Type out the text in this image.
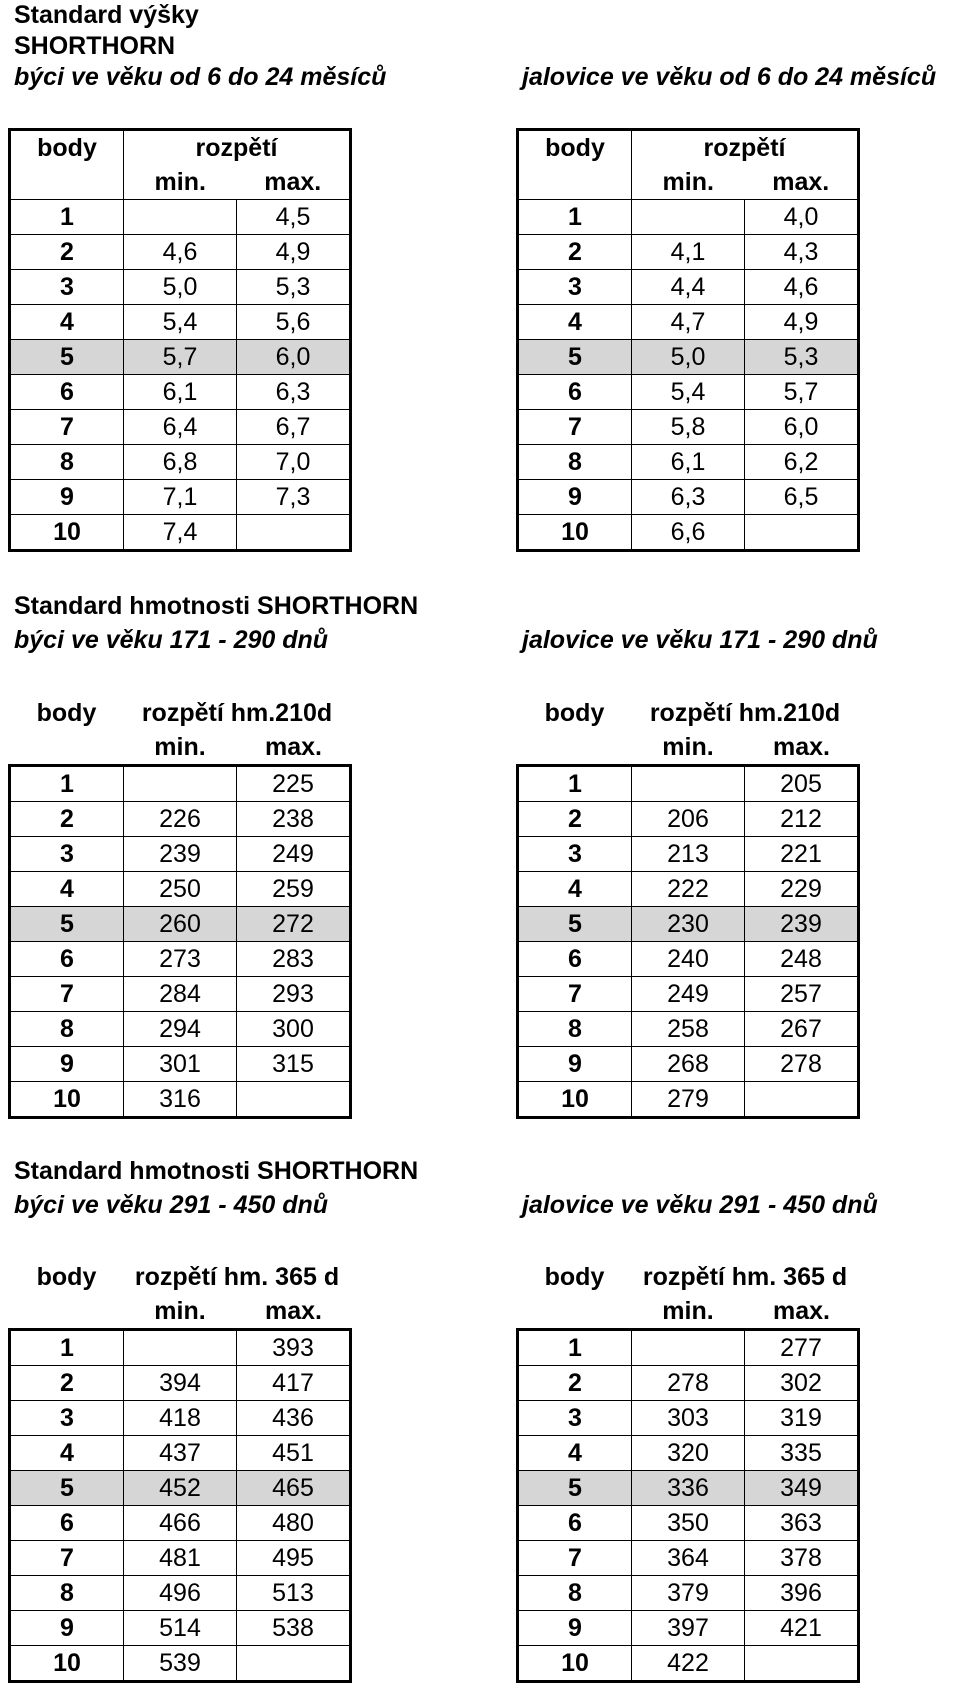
Standard výšky
SHORTHORN
býci ve věku od 6 do 24 měsíců	jalovice ve věku od 6 do 24 měsíců
body	rozpětí	
	min.	max.
1		4,5
2	4,6	4,9
3	5,0	5,3
4	5,4	5,6
5	5,7	6,0
6	6,1	6,3
7	6,4	6,7
8	6,8	7,0
9	7,1	7,3
10	7,4	
body	rozpětí	
	min.	max.
1		4,0
2	4,1	4,3
3	4,4	4,6
4	4,7	4,9
5	5,0	5,3
6	5,4	5,7
7	5,8	6,0
8	6,1	6,2
9	6,3	6,5
10	6,6	
Standard hmotnosti SHORTHORN
býci ve věku 171 - 290 dnů	jalovice ve věku 171 - 290 dnů
body	rozpětí hm.210d	
	min.	max.
1		225
2	226	238
3	239	249
4	250	259
5	260	272
6	273	283
7	284	293
8	294	300
9	301	315
10	316	
body	rozpětí hm.210d	
	min.	max.
1		205
2	206	212
3	213	221
4	222	229
5	230	239
6	240	248
7	249	257
8	258	267
9	268	278
10	279	
Standard hmotnosti SHORTHORN
býci ve věku 291 - 450 dnů	jalovice ve věku 291 - 450 dnů
body	rozpětí hm. 365 d	
	min.	max.
1		393
2	394	417
3	418	436
4	437	451
5	452	465
6	466	480
7	481	495
8	496	513
9	514	538
10	539	
body	rozpětí hm. 365 d	
	min.	max.
1		277
2	278	302
3	303	319
4	320	335
5	336	349
6	350	363
7	364	378
8	379	396
9	397	421
10	422	
